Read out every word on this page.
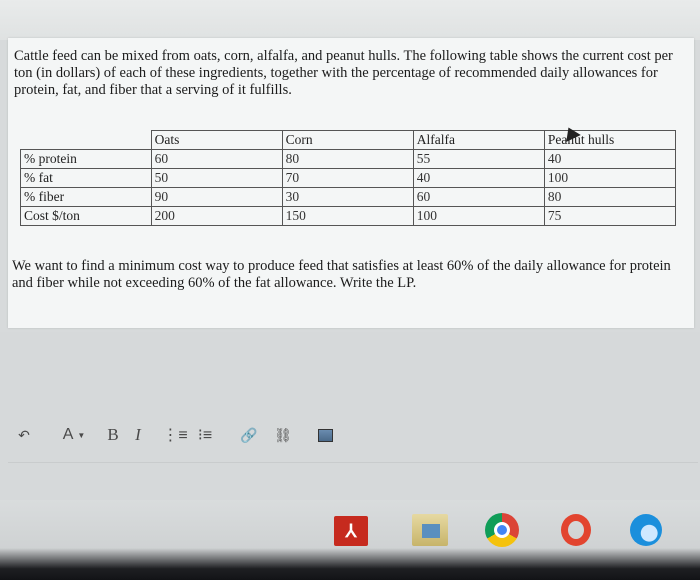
Cattle feed can be mixed from oats, corn, alfalfa, and peanut hulls. The following table shows the current cost per ton (in dollars) of each of these ingredients, together with the percentage of recommended daily allowances for protein, fat, and fiber that a serving of it fulfills.

	Oats	Corn	Alfalfa	Peanut hulls
% protein	60	80	55	40
% fat	50	70	40	100
% fiber	90	30	60	80
Cost $/ton	200	150	100	75

We want to find a minimum cost way to produce feed that satisfies at least 60% of the daily allowance for protein and fiber while not exceeding 60% of the fat allowance. Write the LP.

↶	A ▼	B I	⋮≡ ⁝≡	🔗	⛓
⅄
